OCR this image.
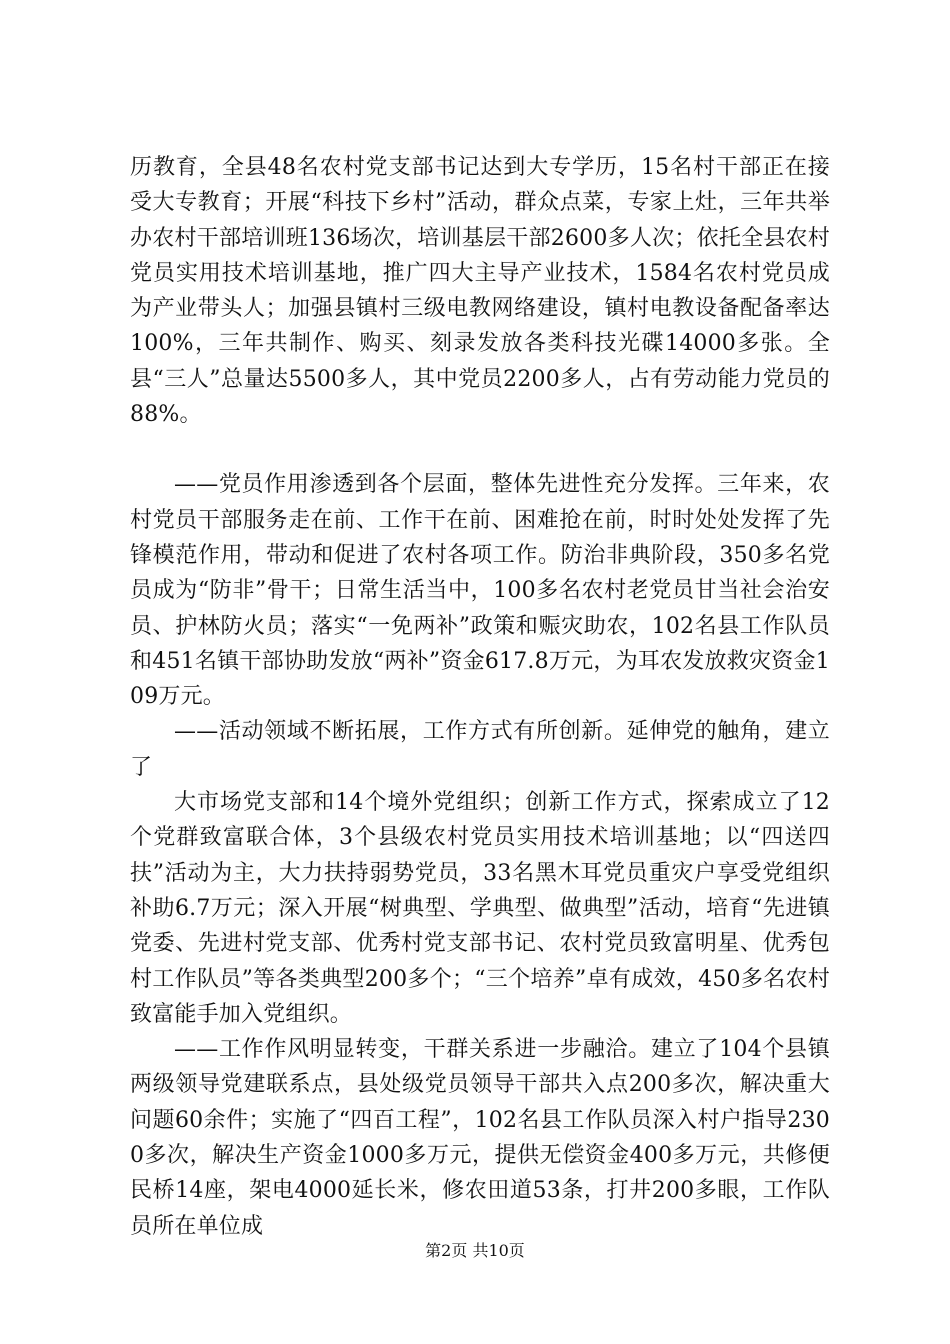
历教育，全县48名农村党支部书记达到大专学历，15名村干部正在接受大专教育；开展“科技下乡村”活动，群众点菜，专家上灶，三年共举办农村干部培训班136场次，培训基层干部2600多人次；依托全县农村党员实用技术培训基地，推广四大主导产业技术，1584名农村党员成为产业带头人；加强县镇村三级电教网络建设，镇村电教设备配备率达100%，三年共制作、购买、刻录发放各类科技光碟14000多张。全县“三人”总量达5500多人，其中党员2200多人，占有劳动能力党员的88%。

——党员作用渗透到各个层面，整体先进性充分发挥。三年来，农村党员干部服务走在前、工作干在前、困难抢在前，时时处处发挥了先锋模范作用，带动和促进了农村各项工作。防治非典阶段，350多名党员成为“防非”骨干；日常生活当中，100多名农村老党员甘当社会治安员、护林防火员；落实“一免两补”政策和赈灾助农，102名县工作队员和451名镇干部协助发放“两补”资金617.8万元，为耳农发放救灾资金109万元。

——活动领域不断拓展，工作方式有所创新。延伸党的触角，建立了

大市场党支部和14个境外党组织；创新工作方式，探索成立了12个党群致富联合体，3个县级农村党员实用技术培训基地；以“四送四扶”活动为主，大力扶持弱势党员，33名黑木耳党员重灾户享受党组织补助6.7万元；深入开展“树典型、学典型、做典型”活动，培育“先进镇党委、先进村党支部、优秀村党支部书记、农村党员致富明星、优秀包村工作队员”等各类典型200多个；“三个培养”卓有成效，450多名农村致富能手加入党组织。

——工作作风明显转变，干群关系进一步融洽。建立了104个县镇两级领导党建联系点，县处级党员领导干部共入点200多次，解决重大问题60余件；实施了“四百工程”，102名县工作队员深入村户指导2300多次，解决生产资金1000多万元，提供无偿资金400多万元，共修便民桥14座，架电4000延长米，修农田道53条，打井200多眼，工作队员所在单位成

第2页 共10页
